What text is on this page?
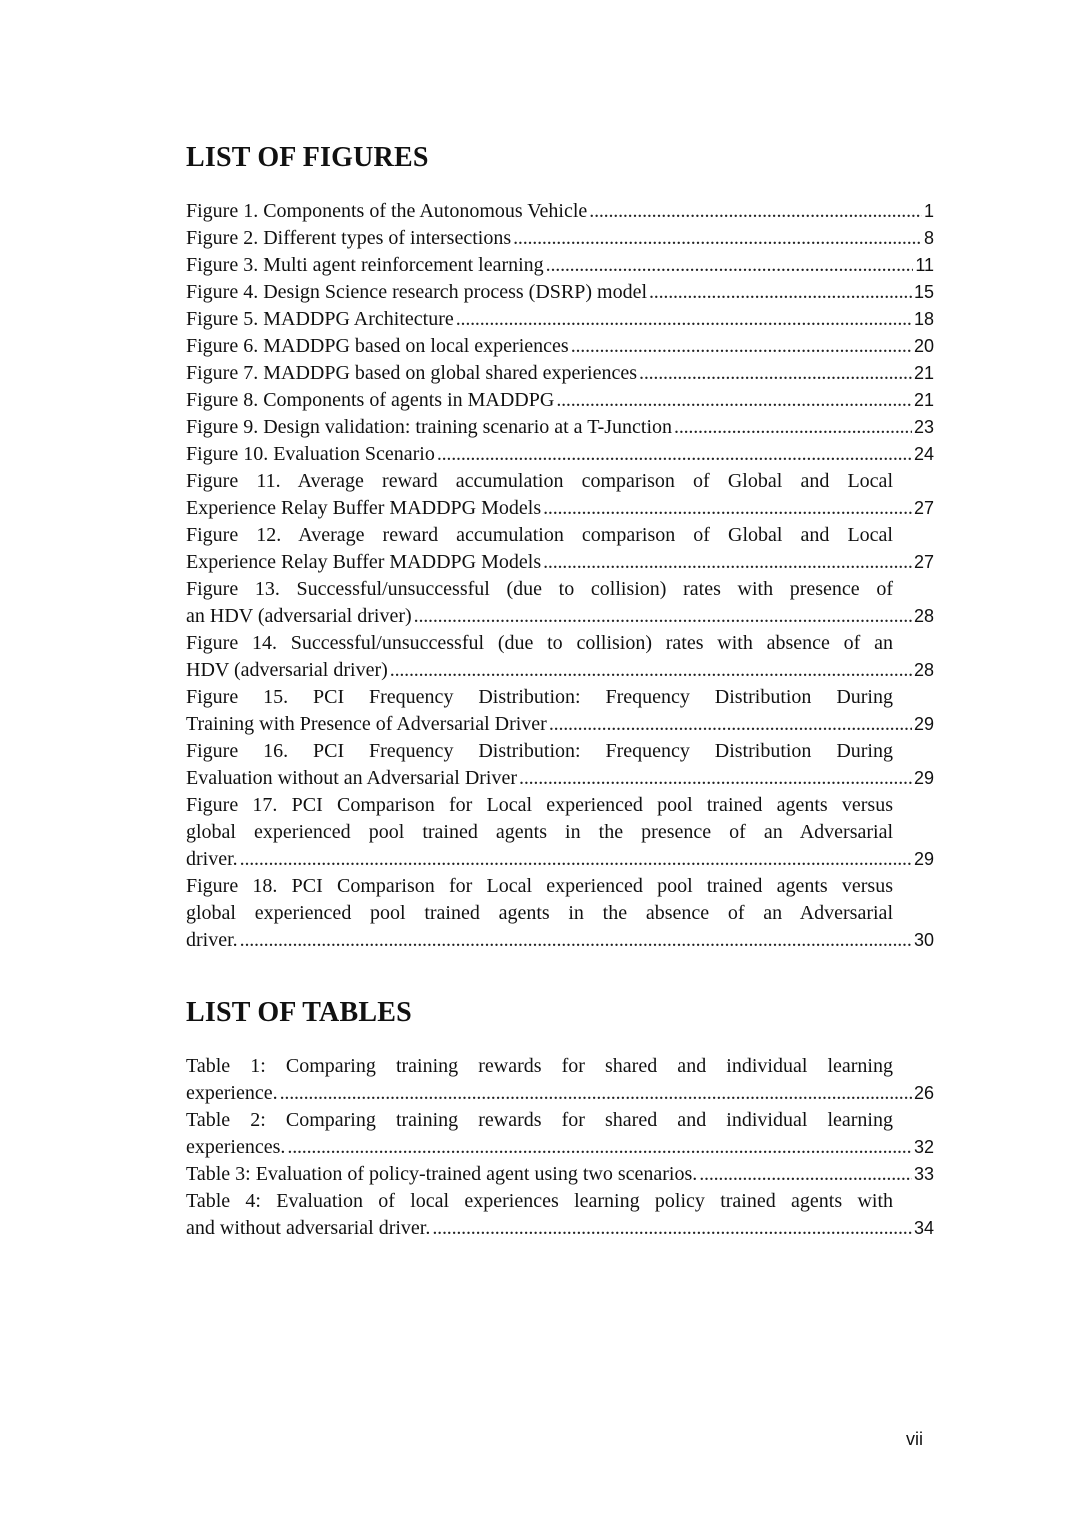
LIST OF FIGURES
Figure 1. Components of the Autonomous Vehicle . . .	1
Figure 2. Different types of intersections . . .	8
Figure 3. Multi agent reinforcement learning . . .	11
Figure 4. Design Science research process (DSRP) model . . .	15
Figure 5. MADDPG Architecture . . .	18
Figure 6. MADDPG based on local experiences . . .	20
Figure 7. MADDPG based on global shared experiences . . .	21
Figure 8. Components of agents in MADDPG . . .	21
Figure 9. Design validation: training scenario at a T-Junction . . .	23
Figure 10. Evaluation Scenario . . .	24
Figure 11. Average reward accumulation comparison of Global and Local
Experience Relay Buffer MADDPG Models . . .	27
Figure 12. Average reward accumulation comparison of Global and Local
Experience Relay Buffer MADDPG Models . . .	27
Figure 13. Successful/unsuccessful (due to collision) rates with presence of
an HDV (adversarial driver) . . .	28
Figure 14. Successful/unsuccessful (due to collision) rates with absence of an
HDV (adversarial driver) . . .	28
Figure 15. PCI Frequency Distribution: Frequency Distribution During
Training with Presence of Adversarial Driver . . .	29
Figure 16. PCI Frequency Distribution: Frequency Distribution During
Evaluation without an Adversarial Driver . . .	29
Figure 17. PCI Comparison for Local experienced pool trained agents versus
global experienced pool trained agents in the presence of an Adversarial
driver. . . .	29
Figure 18. PCI Comparison for Local experienced pool trained agents versus
global experienced pool trained agents in the absence of an Adversarial
driver. . . .	30
LIST OF TABLES
Table 1: Comparing training rewards for shared and individual learning
experience. . . .	26
Table 2: Comparing training rewards for shared and individual learning
experiences. . . .	32
Table 3: Evaluation of policy-trained agent using two scenarios. . . .	33
Table 4: Evaluation of local experiences learning policy trained agents with
and without adversarial driver. . . .	34
vii
